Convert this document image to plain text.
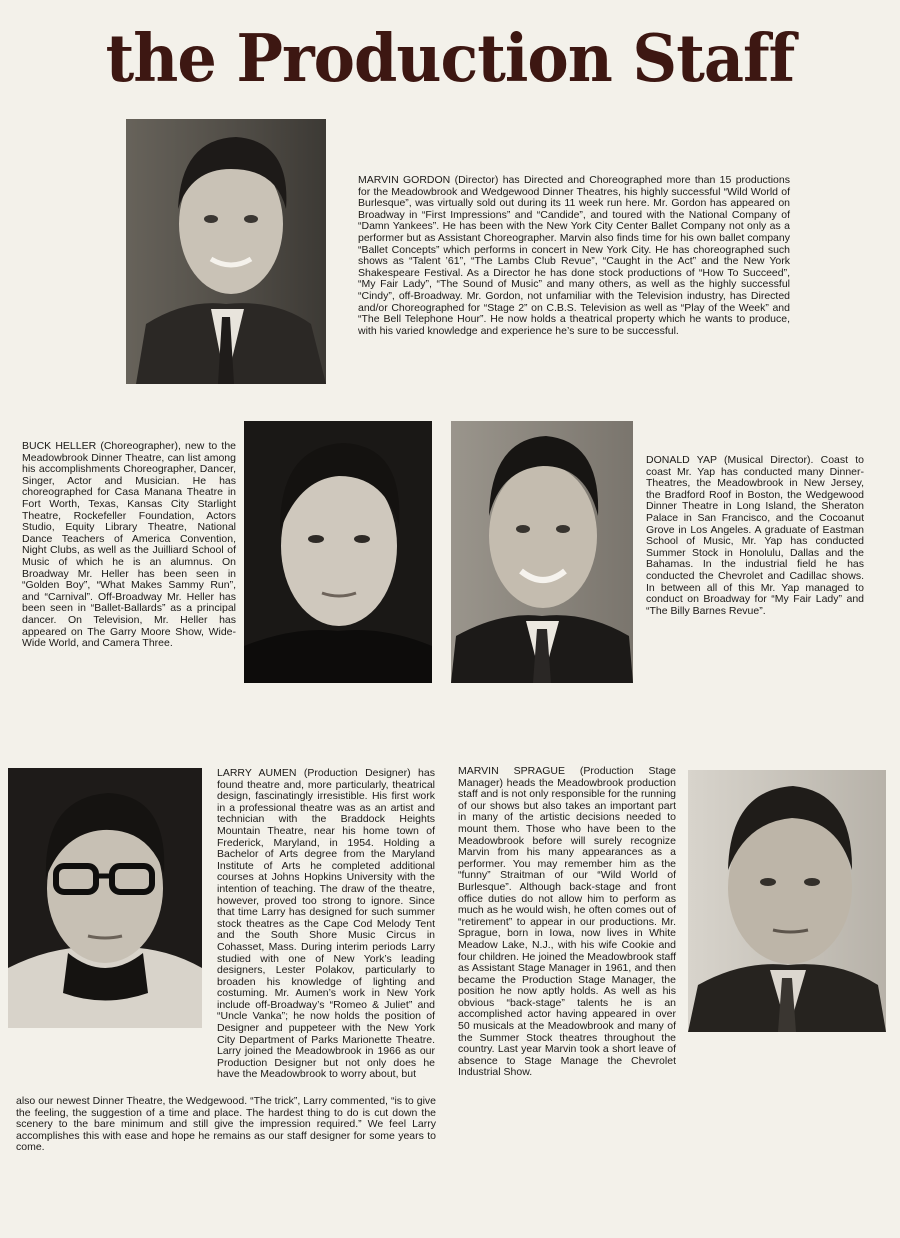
the Production Staff

MARVIN GORDON (Director) has Directed and Choreographed more than 15 productions for the Meadowbrook and Wedgewood Dinner Theatres, his highly successful “Wild World of Burlesque”, was virtually sold out during its 11 week run here. Mr. Gordon has appeared on Broadway in “First Impressions” and “Candide”, and toured with the National Company of “Damn Yankees”. He has been with the New York City Center Ballet Company not only as a performer but as Assistant Choreographer. Marvin also finds time for his own ballet company “Ballet Concepts” which performs in concert in New York City. He has choreographed such shows as “Talent ’61”, “The Lambs Club Revue”, “Caught in the Act” and the New York Shakespeare Festival. As a Director he has done stock productions of “How To Succeed”, “My Fair Lady”, “The Sound of Music” and many others, as well as the highly successful “Cindy”, off-Broadway. Mr. Gordon, not unfamiliar with the Television industry, has Directed and/or Choreographed for “Stage 2” on C.B.S. Television as well as “Play of the Week” and “The Bell Telephone Hour”. He now holds a theatrical property which he wants to produce, with his varied knowledge and experience he’s sure to be successful.

BUCK HELLER (Choreographer), new to the Meadowbrook Dinner Theatre, can list among his accomplishments Choreographer, Dancer, Singer, Actor and Musician. He has choreographed for Casa Manana Theatre in Fort Worth, Texas, Kansas City Starlight Theatre, Rockefeller Foundation, Actors Studio, Equity Library Theatre, National Dance Teachers of America Convention, Night Clubs, as well as the Juilliard School of Music of which he is an alumnus. On Broadway Mr. Heller has been seen in “Golden Boy”, “What Makes Sammy Run”, and “Carnival”. Off-Broadway Mr. Heller has been seen in “Ballet-Ballards” as a principal dancer. On Television, Mr. Heller has appeared on The Garry Moore Show, Wide-Wide World, and Camera Three.

DONALD YAP (Musical Director). Coast to coast Mr. Yap has conducted many Dinner-Theatres, the Meadowbrook in New Jersey, the Bradford Roof in Boston, the Wedgewood Dinner Theatre in Long Island, the Sheraton Palace in San Francisco, and the Cocoanut Grove in Los Angeles. A graduate of Eastman School of Music, Mr. Yap has conducted Summer Stock in Honolulu, Dallas and the Bahamas. In the industrial field he has conducted the Chevrolet and Cadillac shows. In between all of this Mr. Yap managed to conduct on Broadway for “My Fair Lady” and “The Billy Barnes Revue”.

LARRY AUMEN (Production Designer) has found theatre and, more particularly, theatrical design, fascinatingly irresistible. His first work in a professional theatre was as an artist and technician with the Braddock Heights Mountain Theatre, near his home town of Frederick, Maryland, in 1954. Holding a Bachelor of Arts degree from the Maryland Institute of Arts he completed additional courses at Johns Hopkins University with the intention of teaching. The draw of the theatre, however, proved too strong to ignore. Since that time Larry has designed for such summer stock theatres as the Cape Cod Melody Tent and the South Shore Music Circus in Cohasset, Mass. During interim periods Larry studied with one of New York’s leading designers, Lester Polakov, particularly to broaden his knowledge of lighting and costuming. Mr. Aumen’s work in New York include off-Broadway’s “Romeo & Juliet” and “Uncle Vanka”; he now holds the position of Designer and puppeteer with the New York City Department of Parks Marionette Theatre. Larry joined the Meadowbrook in 1966 as our Production Designer but not only does he have the Meadowbrook to worry about, but

also our newest Dinner Theatre, the Wedgewood. “The trick”, Larry commented, “is to give the feeling, the suggestion of a time and place. The hardest thing to do is cut down the scenery to the bare minimum and still give the impression required.” We feel Larry accomplishes this with ease and hope he remains as our staff designer for some years to come.

MARVIN SPRAGUE (Production Stage Manager) heads the Meadowbrook production staff and is not only responsible for the running of our shows but also takes an important part in many of the artistic decisions needed to mount them. Those who have been to the Meadowbrook before will surely recognize Marvin from his many appearances as a performer. You may remember him as the “funny” Straitman of our “Wild World of Burlesque”. Although back-stage and front office duties do not allow him to perform as much as he would wish, he often comes out of “retirement” to appear in our productions. Mr. Sprague, born in Iowa, now lives in White Meadow Lake, N.J., with his wife Cookie and four children. He joined the Meadowbrook staff as Assistant Stage Manager in 1961, and then became the Production Stage Manager, the position he now aptly holds. As well as his obvious “back-stage” talents he is an accomplished actor having appeared in over 50 musicals at the Meadowbrook and many of the Summer Stock theatres throughout the country. Last year Marvin took a short leave of absence to Stage Manage the Chevrolet Industrial Show.
